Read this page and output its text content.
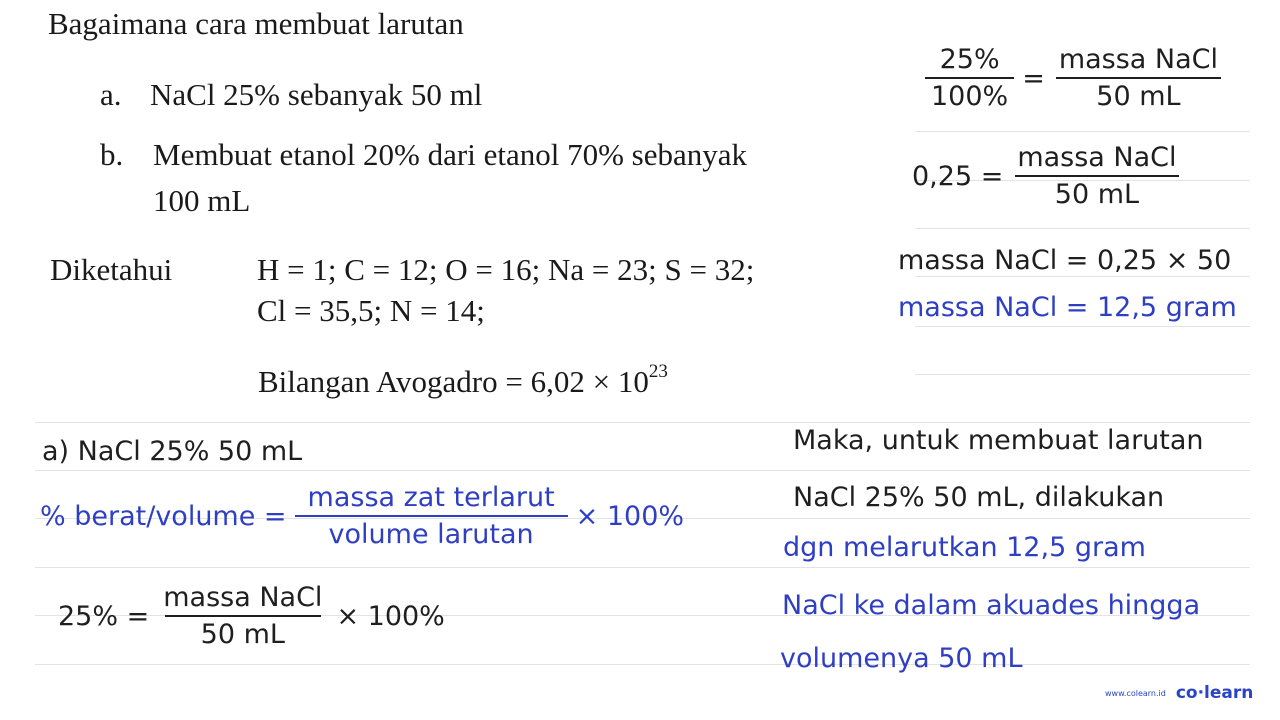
Bagaimana cara membuat larutan
a. NaCl 25% sebanyak 50 ml
b. Membuat etanol 20% dari etanol 70% sebanyak
100 mL
Diketahui	H = 1; C = 12; O = 16; Na = 23; S = 32;
Cl = 35,5; N = 14;
Bilangan Avogadro = $6,02 \times 10^{23}$
$\frac{25\%}{100\%} = \frac{\text{massa NaCl}}{50 mL}$
$0,25 = \frac{\text{massa NaCl}}{50 mL}$
massa NaCl = 0,25 × 50
massa NaCl = 12,5 gram
a) NaCl 25% 50 mL
% berat/volume = $\frac{\text{massa zat terlarut}}{\text{volume larutan}} \times 100\%$
$25\% = \frac{\text{massa NaCl}}{50 mL} \times 100\%$
Maka, untuk membuat larutan
NaCl 25% 50 mL, dilakukan
dgn melarutkan 12,5 gram
NaCl ke dalam akuades hingga
volumenya 50 mL
www.colearn.id co·learn
